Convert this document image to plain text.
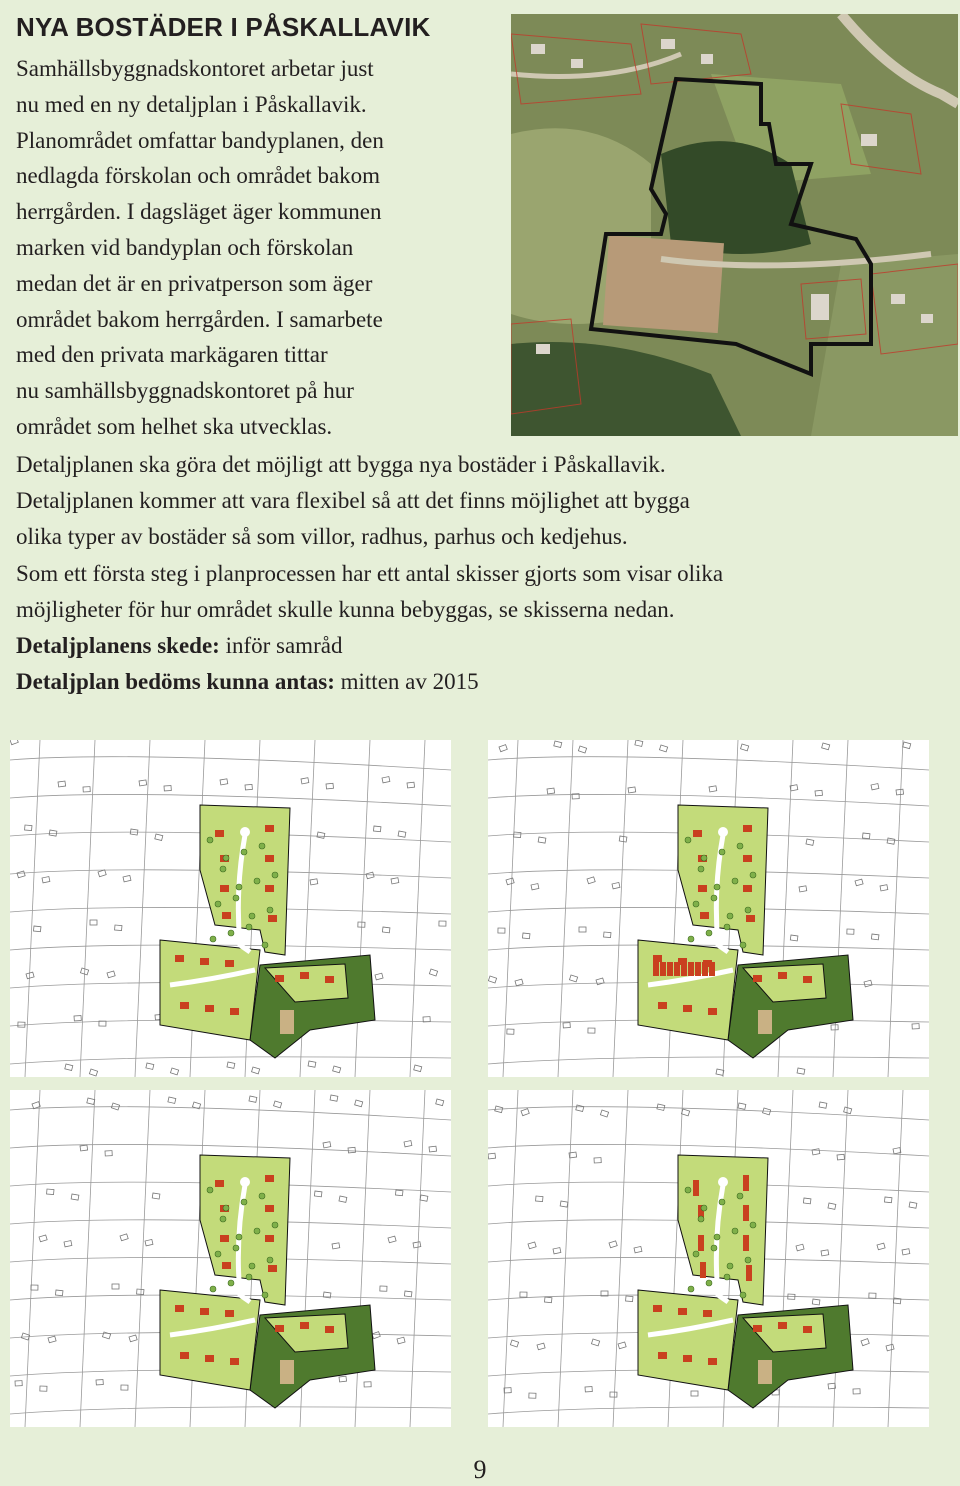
NYA BOSTÄDER I PÅSKALLAVIK
Samhällsbyggnadskontoret arbetar just
nu med en ny detaljplan i Påskallavik.
Planområdet omfattar bandyplanen, den
nedlagda förskolan och området bakom
herrgården. I dagsläget äger kommunen
marken vid bandyplan och förskolan
medan det är en privatperson som äger
området bakom herrgården. I samarbete
med den privata markägaren tittar
nu samhällsbyggnadskontoret på hur
området som helhet ska utvecklas.

Detaljplanen ska göra det möjligt att bygga nya bostäder i Påskallavik.

Detaljplanen kommer att vara flexibel så att det finns möjlighet att bygga

olika typer av bostäder så som villor, radhus, parhus och kedjehus.

Som ett första steg i planprocessen har ett antal skisser gjorts som visar olika

möjligheter för hur området skulle kunna bebyggas, se skisserna nedan.

Detaljplanens skede: inför samråd

Detaljplan bedöms kunna antas: mitten av 2015

9
